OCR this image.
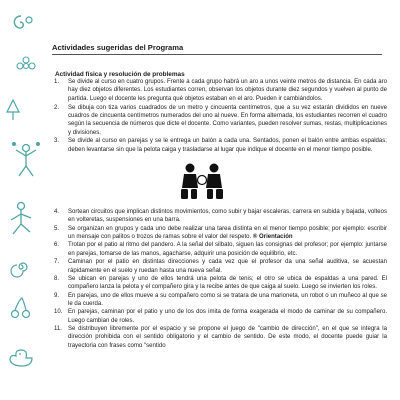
Actividades sugeridas del Programa
Actividad física y resolución de problemas
1. Se divide al curso en cuatro grupos. Frente a cada grupo habrá un aro a unos veinte metros de distancia. En cada aro hay diez objetos diferentes. Los estudiantes corren, observan los objetos durante diez segundos y vuelven al punto de partida. Luego el docente les pregunta qué objetos estaban en el aro. Pueden ir cambiándolos.
2. Se dibuja con tiza varios cuadrados de un metro y cincuenta centímetros, que a su vez estarán divididos en nueve cuadros de cincuenta centímetros numerados del uno al nueve. En forma alternada, los estudiantes recorren el cuadro según la secuencia de números que dicte el docente. Como variantes, pueden resolver sumas, restas, multiplicaciones y divisiones.
3. Se divide al curso en parejas y se le entrega un balón a cada una. Sentados, ponen el balón entre ambas espaldas; deben levantarse sin que la pelota caiga y trasladarse al lugar que indique el docente en el menor tiempo posible.
4. Sortean circuitos que implican distintos movimientos, como subir y bajar escaleras, carrera en subida y bajada, volteos en volteretas, suspensiones en una barra.
5. Se organizan en grupos y cada uno debe realizar una tarea distinta en el menor tiempo posible; por ejemplo: escribir un mensaje con palitos o trozos de ramas sobre el valor del respeto. ® Orientación
6. Trotan por el patio al ritmo del pandero. A la señal del silbato, siguen las consignas del profesor; por ejemplo: juntarse en parejas, tomarse de las manos, agacharse, adquirir una posición de equilibrio, etc.
7. Caminan por el patio en distintas direcciones y cada vez que el profesor da una señal auditiva, se acuestan rápidamente en el suelo y ruedan hasta una nueva señal.
8. Se ubican en parejas y uno de ellos tendrá una pelota de tenis; el otro se ubica de espaldas a una pared. El compañero lanza la pelota y el compañero gira y la recibe antes de que caiga al suelo. Luego se invierten los roles.
9. En parejas, uno de ellos mueve a su compañero como si se tratara de una marioneta, un robot o un muñeco al que se le da cuerda.
10. En parejas, caminan por el patio y uno de los dos imita de forma exagerada el modo de caminar de su compañero. Luego cambian de roles.
11. Se distribuyen libremente por el espacio y se propone el juego de "cambio de dirección", en el que se integra la dirección prohibida con el sentido obligatorio y el cambio de sentido. De este modo, el docente puede guiar la trayectoria con frases como "sentido
